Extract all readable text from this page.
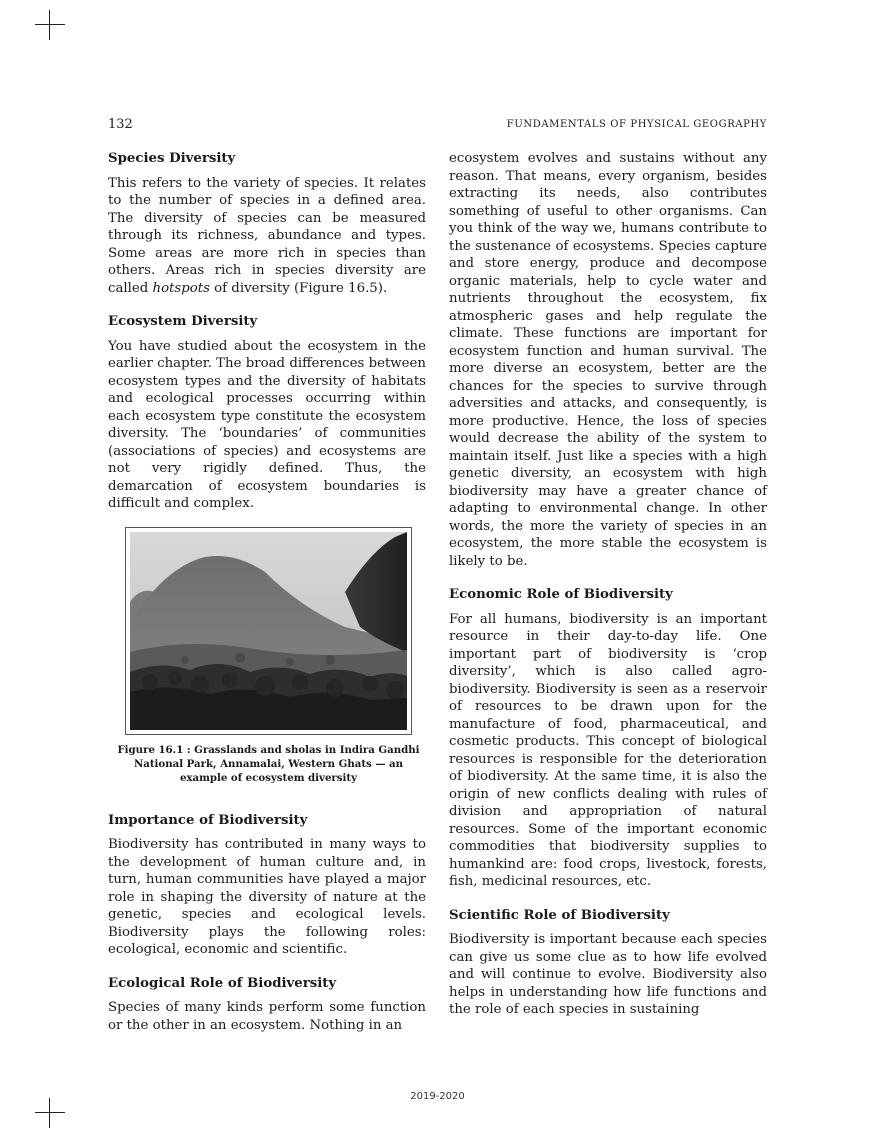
132	FUNDAMENTALS OF PHYSICAL GEOGRAPHY
Species Diversity

This refers to the variety of species. It relates to the number of species in a defined area. The diversity of species can be measured through its richness, abundance and types. Some areas are more rich in species than others. Areas rich in species diversity are called hotspots of diversity (Figure 16.5).

Ecosystem Diversity

You have studied about the ecosystem in the earlier chapter. The broad differences between ecosystem types and the diversity of habitats and ecological processes occurring within each ecosystem type constitute the ecosystem diversity. The ‘boundaries’ of communities (associations of species) and ecosystems are not very rigidly defined. Thus, the demarcation of ecosystem boundaries is difficult and complex.

Figure 16.1 : Grasslands and sholas in Indira Gandhi National Park, Annamalai, Western Ghats — an example of ecosystem diversity
Importance of Biodiversity

Biodiversity has contributed in many ways to the development of human culture and, in turn, human communities have played a major role in shaping the diversity of nature at the genetic, species and ecological levels. Biodiversity plays the following roles: ecological, economic and scientific.

Ecological Role of Biodiversity

Species of many kinds perform some function or the other in an ecosystem. Nothing in an

ecosystem evolves and sustains without any reason. That means, every organism, besides extracting its needs, also contributes something of useful to other organisms. Can you think of the way we, humans contribute to the sustenance of ecosystems. Species capture and store energy, produce and decompose organic materials, help to cycle water and nutrients throughout the ecosystem, fix atmospheric gases and help regulate the climate. These functions are important for ecosystem function and human survival. The more diverse an ecosystem, better are the chances for the species to survive through adversities and attacks, and consequently, is more productive. Hence, the loss of species would decrease the ability of the system to maintain itself. Just like a species with a high genetic diversity, an ecosystem with high biodiversity may have a greater chance of adapting to environmental change. In other words, the more the variety of species in an ecosystem, the more stable the ecosystem is likely to be.

Economic Role of Biodiversity

For all humans, biodiversity is an important resource in their day-to-day life. One important part of biodiversity is ‘crop diversity’, which is also called agro-biodiversity. Biodiversity is seen as a reservoir of resources to be drawn upon for the manufacture of food, pharmaceutical, and cosmetic products. This concept of biological resources is responsible for the deterioration of biodiversity. At the same time, it is also the origin of new conflicts dealing with rules of division and appropriation of natural resources. Some of the important economic commodities that biodiversity supplies to humankind are: food crops, livestock, forests, fish, medicinal resources, etc.

Scientific Role of Biodiversity

Biodiversity is important because each species can give us some clue as to how life evolved and will continue to evolve. Biodiversity also helps in understanding how life functions and the role of each species in sustaining

2019-2020
